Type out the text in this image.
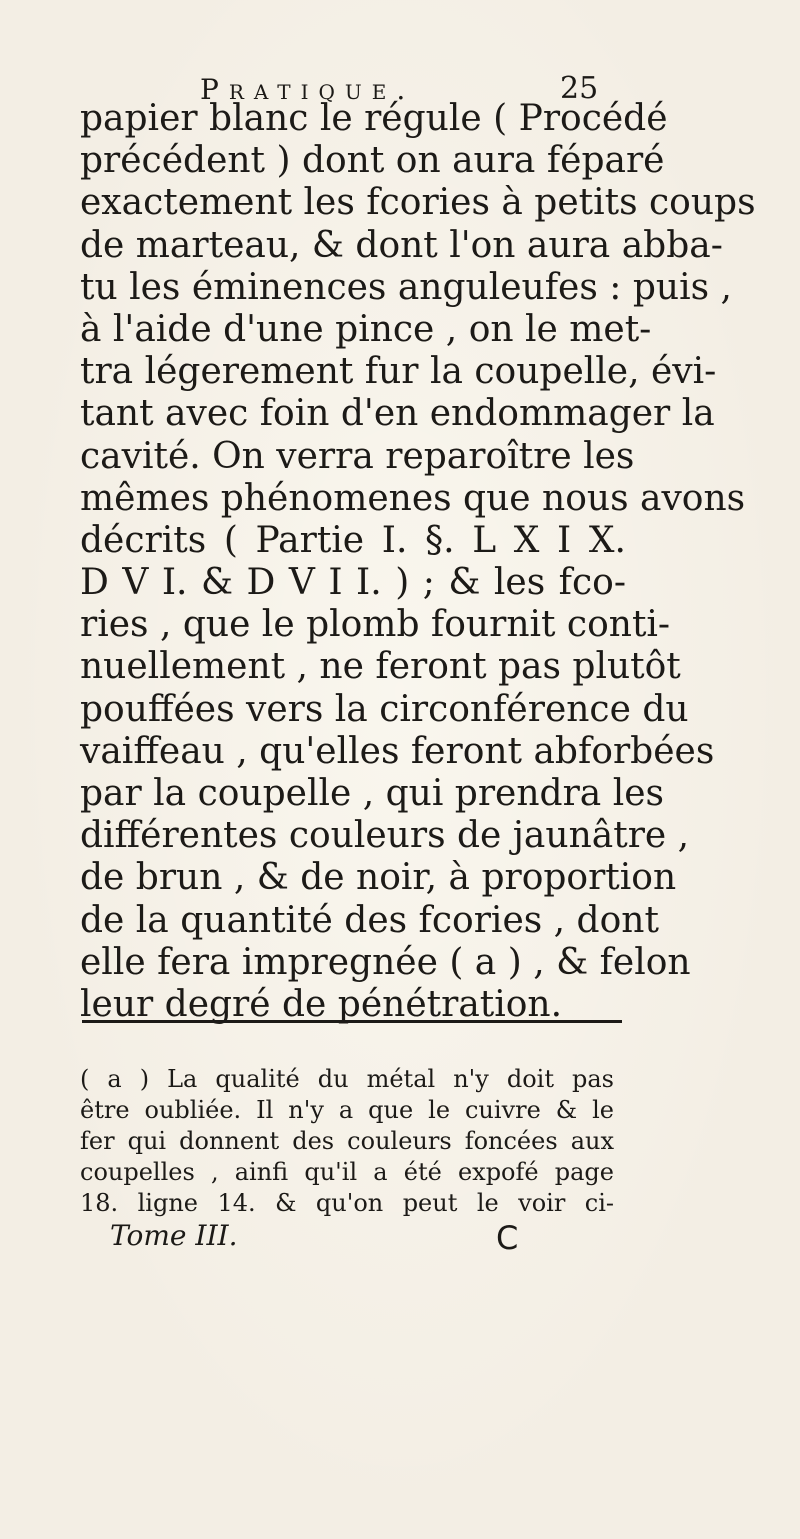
Pratique.	25
papier blanc le régule ( Procédé
précédent ) dont on aura féparé
exactement les fcories à petits coups
de marteau, & dont l'on aura abba-
tu les éminences anguleufes : puis ,
à l'aide d'une pince , on le met-
tra légerement fur la coupelle, évi-
tant avec foin d'en endommager la
cavité. On verra reparoître les
mêmes phénomenes que nous avons
décrits ( Partie I. §. L X I X.
D V I. & D V I I. ) ; & les fco-
ries , que le plomb fournit conti-
nuellement , ne feront pas plutôt
pouffées vers la circonférence du
vaiffeau , qu'elles feront abforbées
par la coupelle , qui prendra les
différentes couleurs de jaunâtre ,
de brun , & de noir, à proportion
de la quantité des fcories , dont
elle fera impregnée ( a ) , & felon
leur degré de pénétration.
( a ) La qualité du métal n'y doit pas
être oubliée. Il n'y a que le cuivre & le
fer qui donnent des couleurs foncées aux
coupelles , ainfi qu'il a été expofé page
18. ligne 14. & qu'on peut le voir ci-
Tome III.	C
